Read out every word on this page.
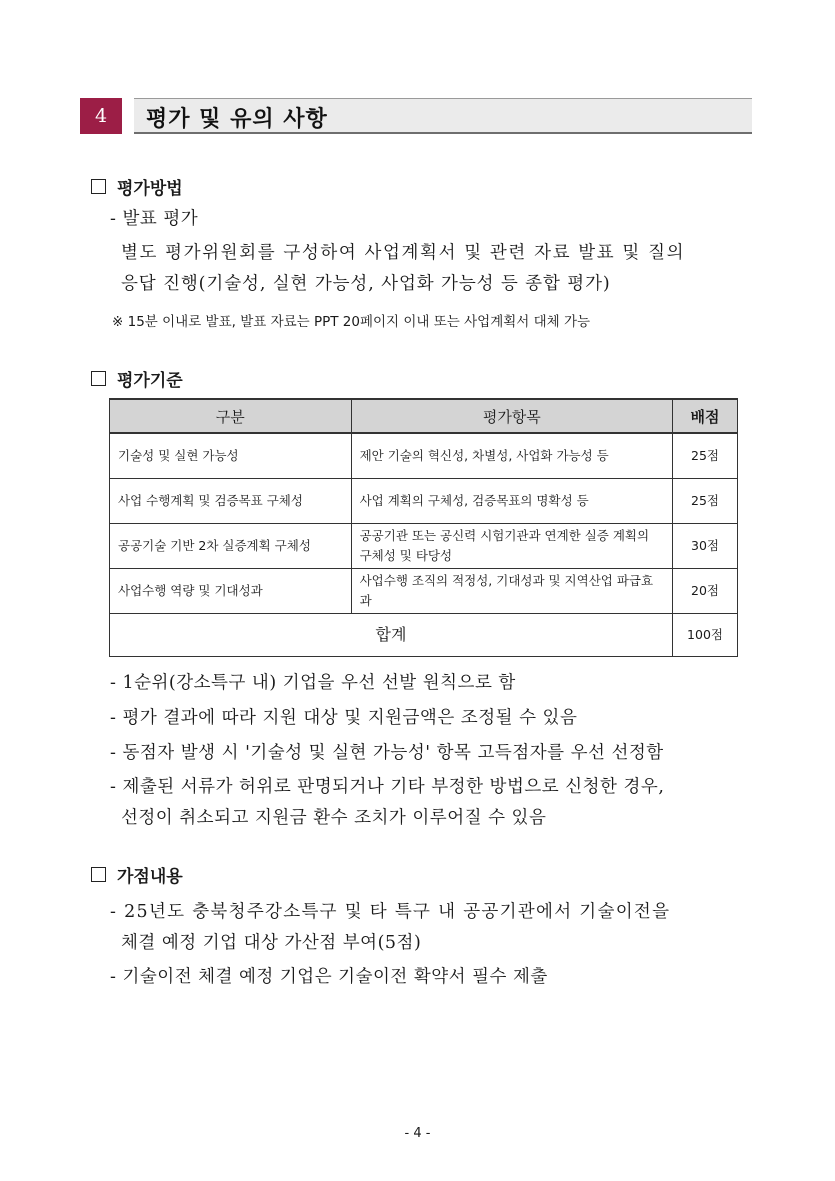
4	평가 및 유의 사항
평가방법
- 발표 평가
별도 평가위원회를 구성하여 사업계획서 및 관련 자료 발표 및 질의
응답 진행(기술성, 실현 가능성, 사업화 가능성 등 종합 평가)
※ 15분 이내로 발표, 발표 자료는 PPT 20페이지 이내 또는 사업계획서 대체 가능
평가기준
구분	평가항목	배점
기술성 및 실현 가능성	제안 기술의 혁신성, 차별성, 사업화 가능성 등	25점
사업 수행계획 및 검증목표 구체성	사업 계획의 구체성, 검증목표의 명확성 등	25점
공공기술 기반 2차 실증계획 구체성	공공기관 또는 공신력 시험기관과 연계한 실증 계획의 구체성 및 타당성	30점
사업수행 역량 및 기대성과	사업수행 조직의 적정성, 기대성과 및 지역산업 파급효과	20점
합계		100점
- 1순위(강소특구 내) 기업을 우선 선발 원칙으로 함
- 평가 결과에 따라 지원 대상 및 지원금액은 조정될 수 있음
- 동점자 발생 시 '기술성 및 실현 가능성' 항목 고득점자를 우선 선정함
- 제출된 서류가 허위로 판명되거나 기타 부정한 방법으로 신청한 경우,
선정이 취소되고 지원금 환수 조치가 이루어질 수 있음
가점내용
- 25년도 충북청주강소특구 및 타 특구 내 공공기관에서 기술이전을
체결 예정 기업 대상 가산점 부여(5점)
- 기술이전 체결 예정 기업은 기술이전 확약서 필수 제출
- 4 -
